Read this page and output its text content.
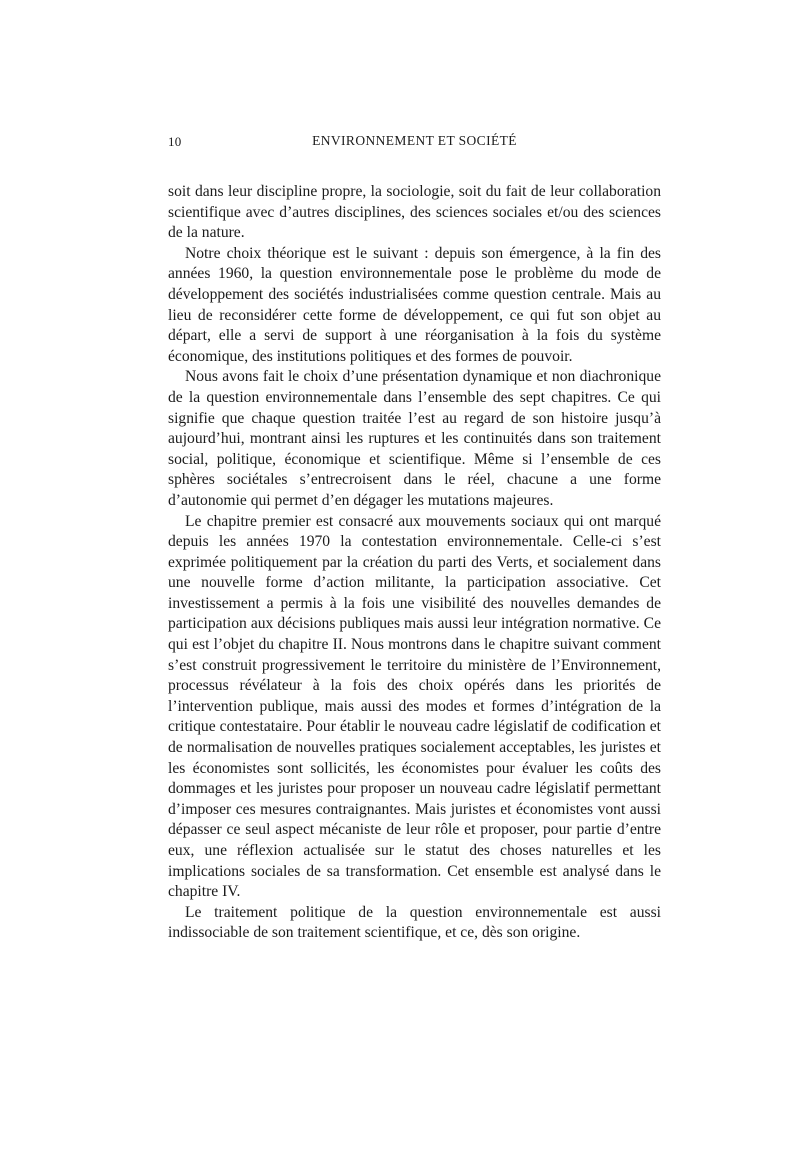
10	ENVIRONNEMENT ET SOCIÉTÉ

soit dans leur discipline propre, la sociologie, soit du fait de leur collaboration scientifique avec d’autres disciplines, des sciences sociales et/ou des sciences de la nature.

Notre choix théorique est le suivant : depuis son émergence, à la fin des années 1960, la question environnementale pose le problème du mode de développement des sociétés industrialisées comme question centrale. Mais au lieu de reconsidérer cette forme de développement, ce qui fut son objet au départ, elle a servi de support à une réorganisation à la fois du système économique, des institutions politiques et des formes de pouvoir.

Nous avons fait le choix d’une présentation dynamique et non diachronique de la question environnementale dans l’ensemble des sept chapitres. Ce qui signifie que chaque question traitée l’est au regard de son histoire jusqu’à aujourd’hui, montrant ainsi les ruptures et les continuités dans son traitement social, politique, économique et scientifique. Même si l’ensemble de ces sphères sociétales s’entrecroisent dans le réel, chacune a une forme d’autonomie qui permet d’en dégager les mutations majeures.

Le chapitre premier est consacré aux mouvements sociaux qui ont marqué depuis les années 1970 la contestation environnementale. Celle-ci s’est exprimée politiquement par la création du parti des Verts, et socialement dans une nouvelle forme d’action militante, la participation associative. Cet investissement a permis à la fois une visibilité des nouvelles demandes de participation aux décisions publiques mais aussi leur intégration normative. Ce qui est l’objet du chapitre II. Nous montrons dans le chapitre suivant comment s’est construit progressivement le territoire du ministère de l’Environnement, processus révélateur à la fois des choix opérés dans les priorités de l’intervention publique, mais aussi des modes et formes d’intégration de la critique contestataire. Pour établir le nouveau cadre législatif de codification et de normalisation de nouvelles pratiques socialement acceptables, les juristes et les économistes sont sollicités, les économistes pour évaluer les coûts des dommages et les juristes pour proposer un nouveau cadre législatif permettant d’imposer ces mesures contraignantes. Mais juristes et économistes vont aussi dépasser ce seul aspect mécaniste de leur rôle et proposer, pour partie d’entre eux, une réflexion actualisée sur le statut des choses naturelles et les implications sociales de sa transformation. Cet ensemble est analysé dans le chapitre IV.

Le traitement politique de la question environnementale est aussi indissociable de son traitement scientifique, et ce, dès son origine.
